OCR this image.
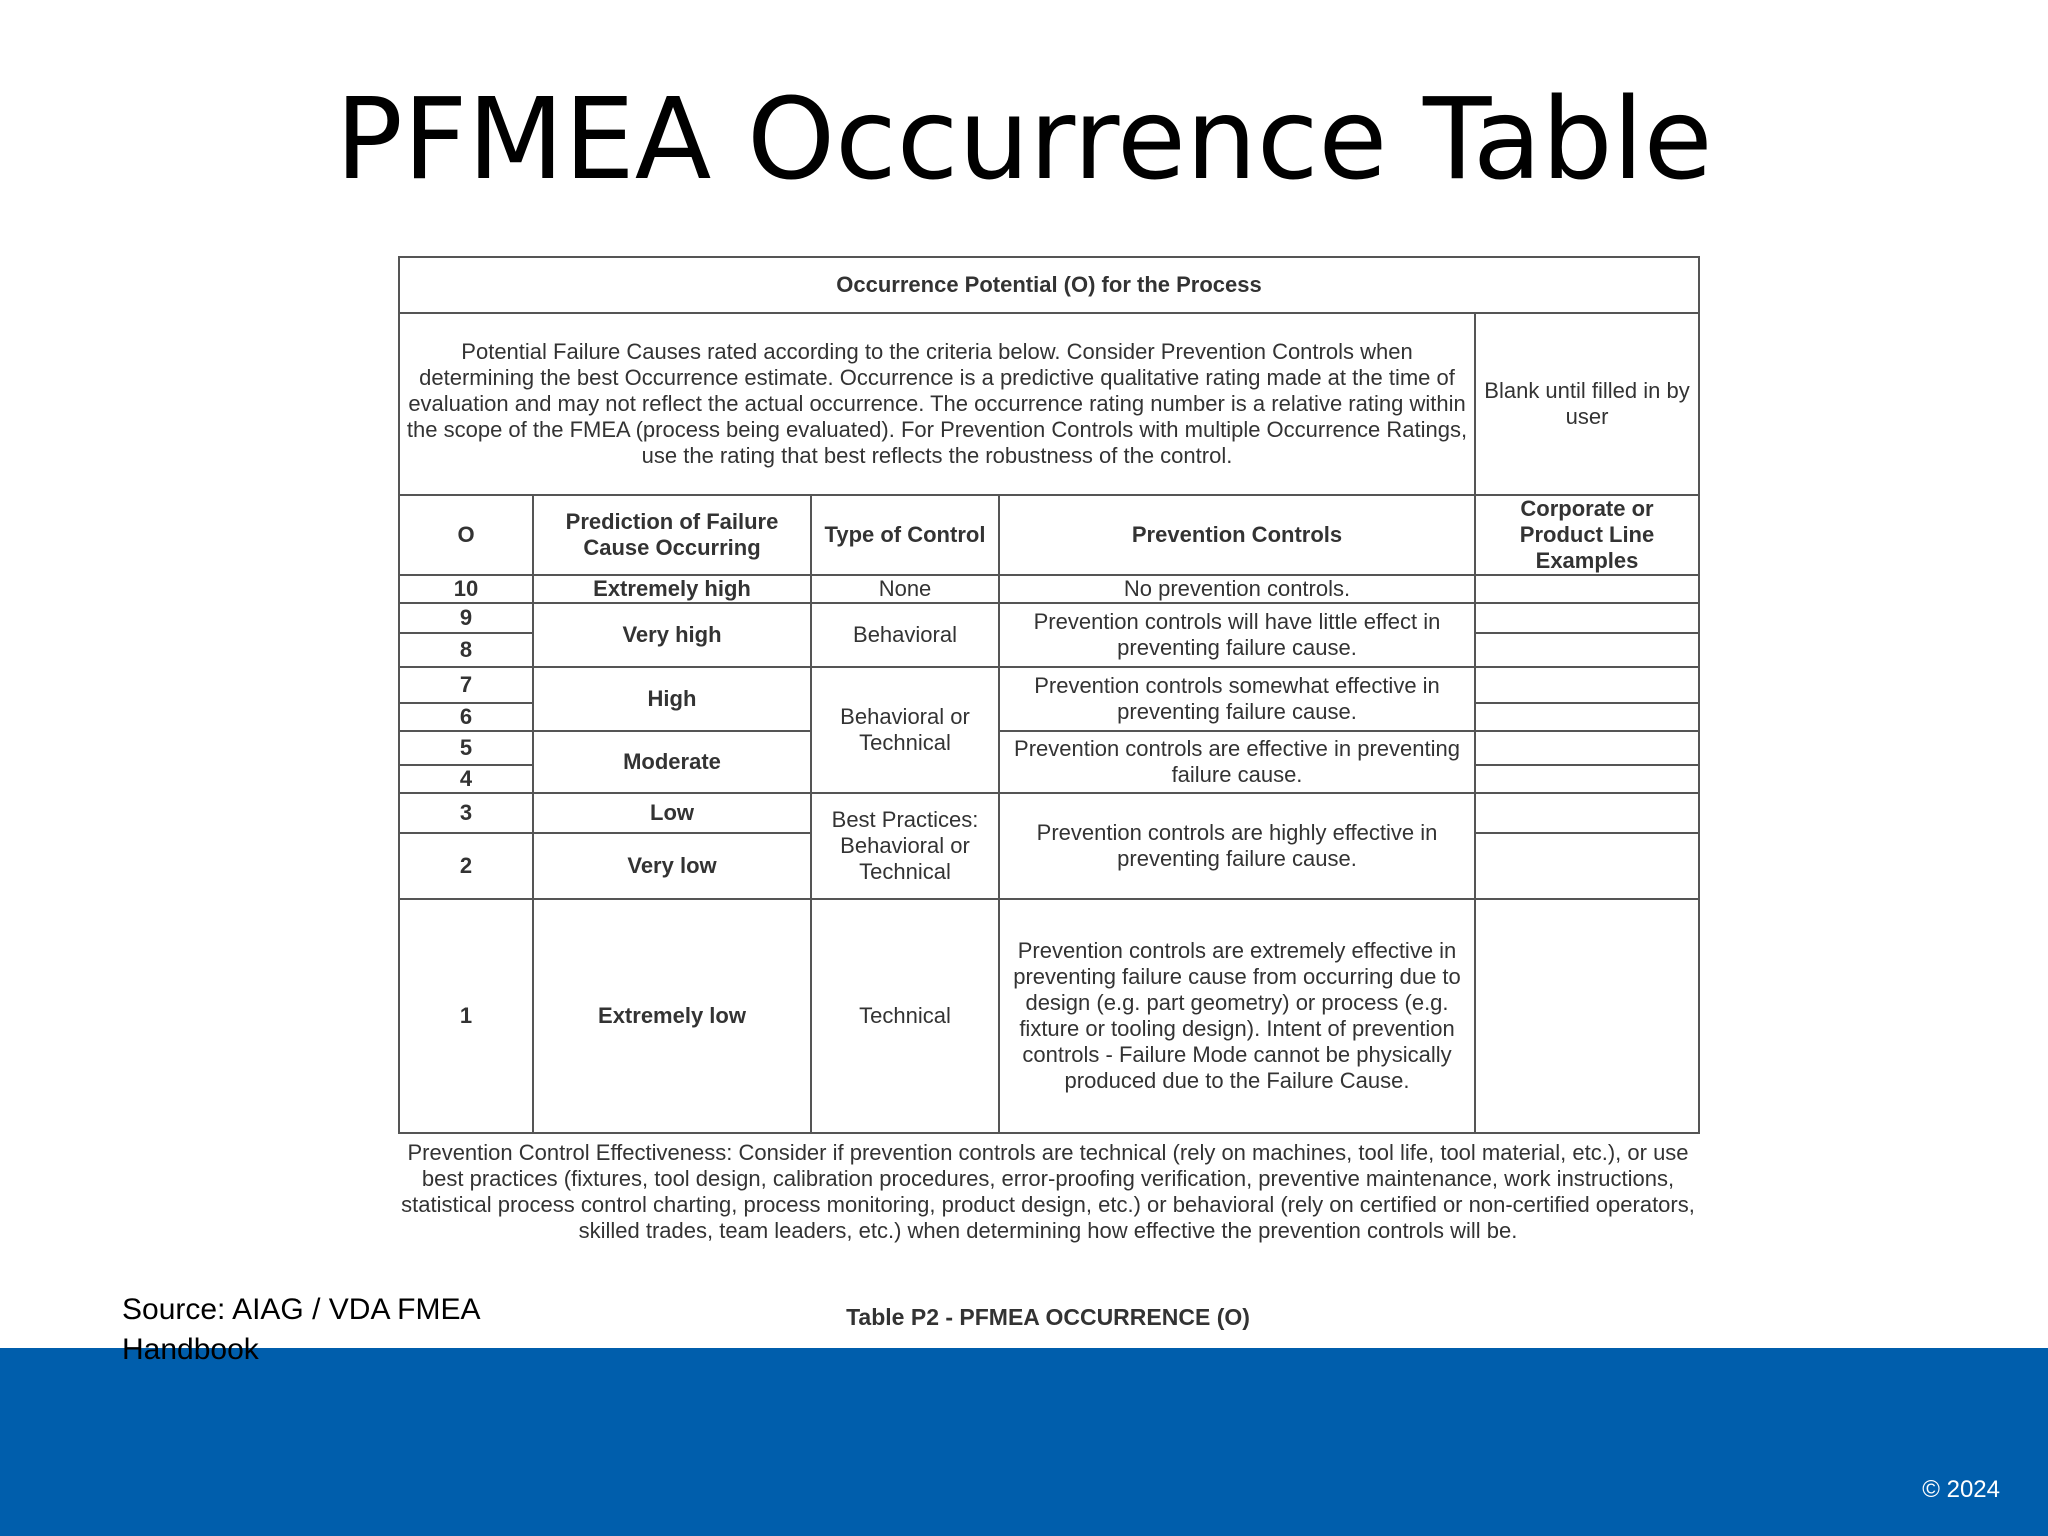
PFMEA Occurrence Table
Occurrence Potential (O) for the Process				
Potential Failure Causes rated according to the criteria below. Consider Prevention Controls when determining the best Occurrence estimate. Occurrence is a predictive qualitative rating made at the time of evaluation and may not reflect the actual occurrence. The occurrence rating number is a relative rating within the scope of the FMEA (process being evaluated). For Prevention Controls with multiple Occurrence Ratings, use the rating that best reflects the robustness of the control.				Blank until filled in by user
O	Prediction of Failure Cause Occurring	Type of Control	Prevention Controls	Corporate or Product Line Examples
10	Extremely high	None	No prevention controls.	
9	Very high	Behavioral	Prevention controls will have little effect in preventing failure cause.	
8				
7	High	Behavioral or Technical	Prevention controls somewhat effective in preventing failure cause.	
6				
5	Moderate		Prevention controls are effective in preventing failure cause.	
4				
3	Low	Best Practices: Behavioral or Technical	Prevention controls are highly effective in preventing failure cause.	
2	Very low			
1	Extremely low	Technical	Prevention controls are extremely effective in preventing failure cause from occurring due to design (e.g. part geometry) or process (e.g. fixture or tooling design). Intent of prevention controls - Failure Mode cannot be physically produced due to the Failure Cause.	
Prevention Control Effectiveness: Consider if prevention controls are technical (rely on machines, tool life, tool material, etc.), or use best practices (fixtures, tool design, calibration procedures, error-proofing verification, preventive maintenance, work instructions, statistical process control charting, process monitoring, product design, etc.) or behavioral (rely on certified or non-certified operators, skilled trades, team leaders, etc.) when determining how effective the prevention controls will be.
Table P2 - PFMEA OCCURRENCE (O)
Source: AIAG / VDA FMEA Handbook
© 2024
